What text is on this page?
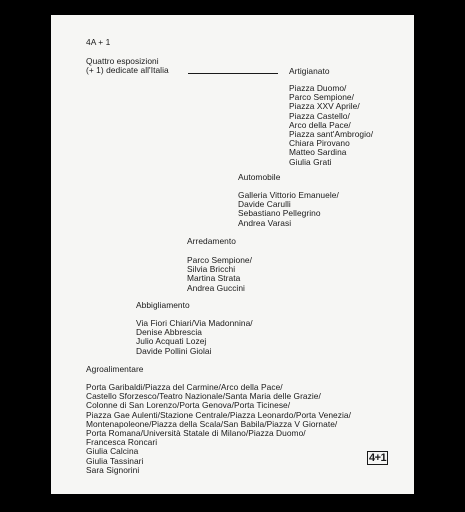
4A + 1
Quattro esposizioni
(+ 1) dedicate all'Italia	Artigianato
Piazza Duomo/
Parco Sempione/
Piazza XXV Aprile/
Piazza Castello/
Arco della Pace/
Piazza sant'Ambrogio/
Chiara Pirovano
Matteo Sardina
Giulia Grati
Automobile
Galleria Vittorio Emanuele/
Davide Carulli
Sebastiano Pellegrino
Andrea Varasi
Arredamento
Parco Sempione/
Silvia Bricchi
Martina Strata
Andrea Guccini
Abbigliamento
Via Fiori Chiari/Via Madonnina/
Denise Abbrescia
Julio Acquati Lozej
Davide Pollini Giolai
Agroalimentare
Porta Garibaldi/Piazza del Carmine/Arco della Pace/
Castello Sforzesco/Teatro Nazionale/Santa Maria delle Grazie/
Colonne di San Lorenzo/Porta Genova/Porta Ticinese/
Piazza Gae Aulenti/Stazione Centrale/Piazza Leonardo/Porta Venezia/
Montenapoleone/Piazza della Scala/San Babila/Piazza V Giornate/
Porta Romana/Università Statale di Milano/Piazza Duomo/
Francesca Roncari
Giulia Calcina
Giulia Tassinari
Sara Signorini
4+1
